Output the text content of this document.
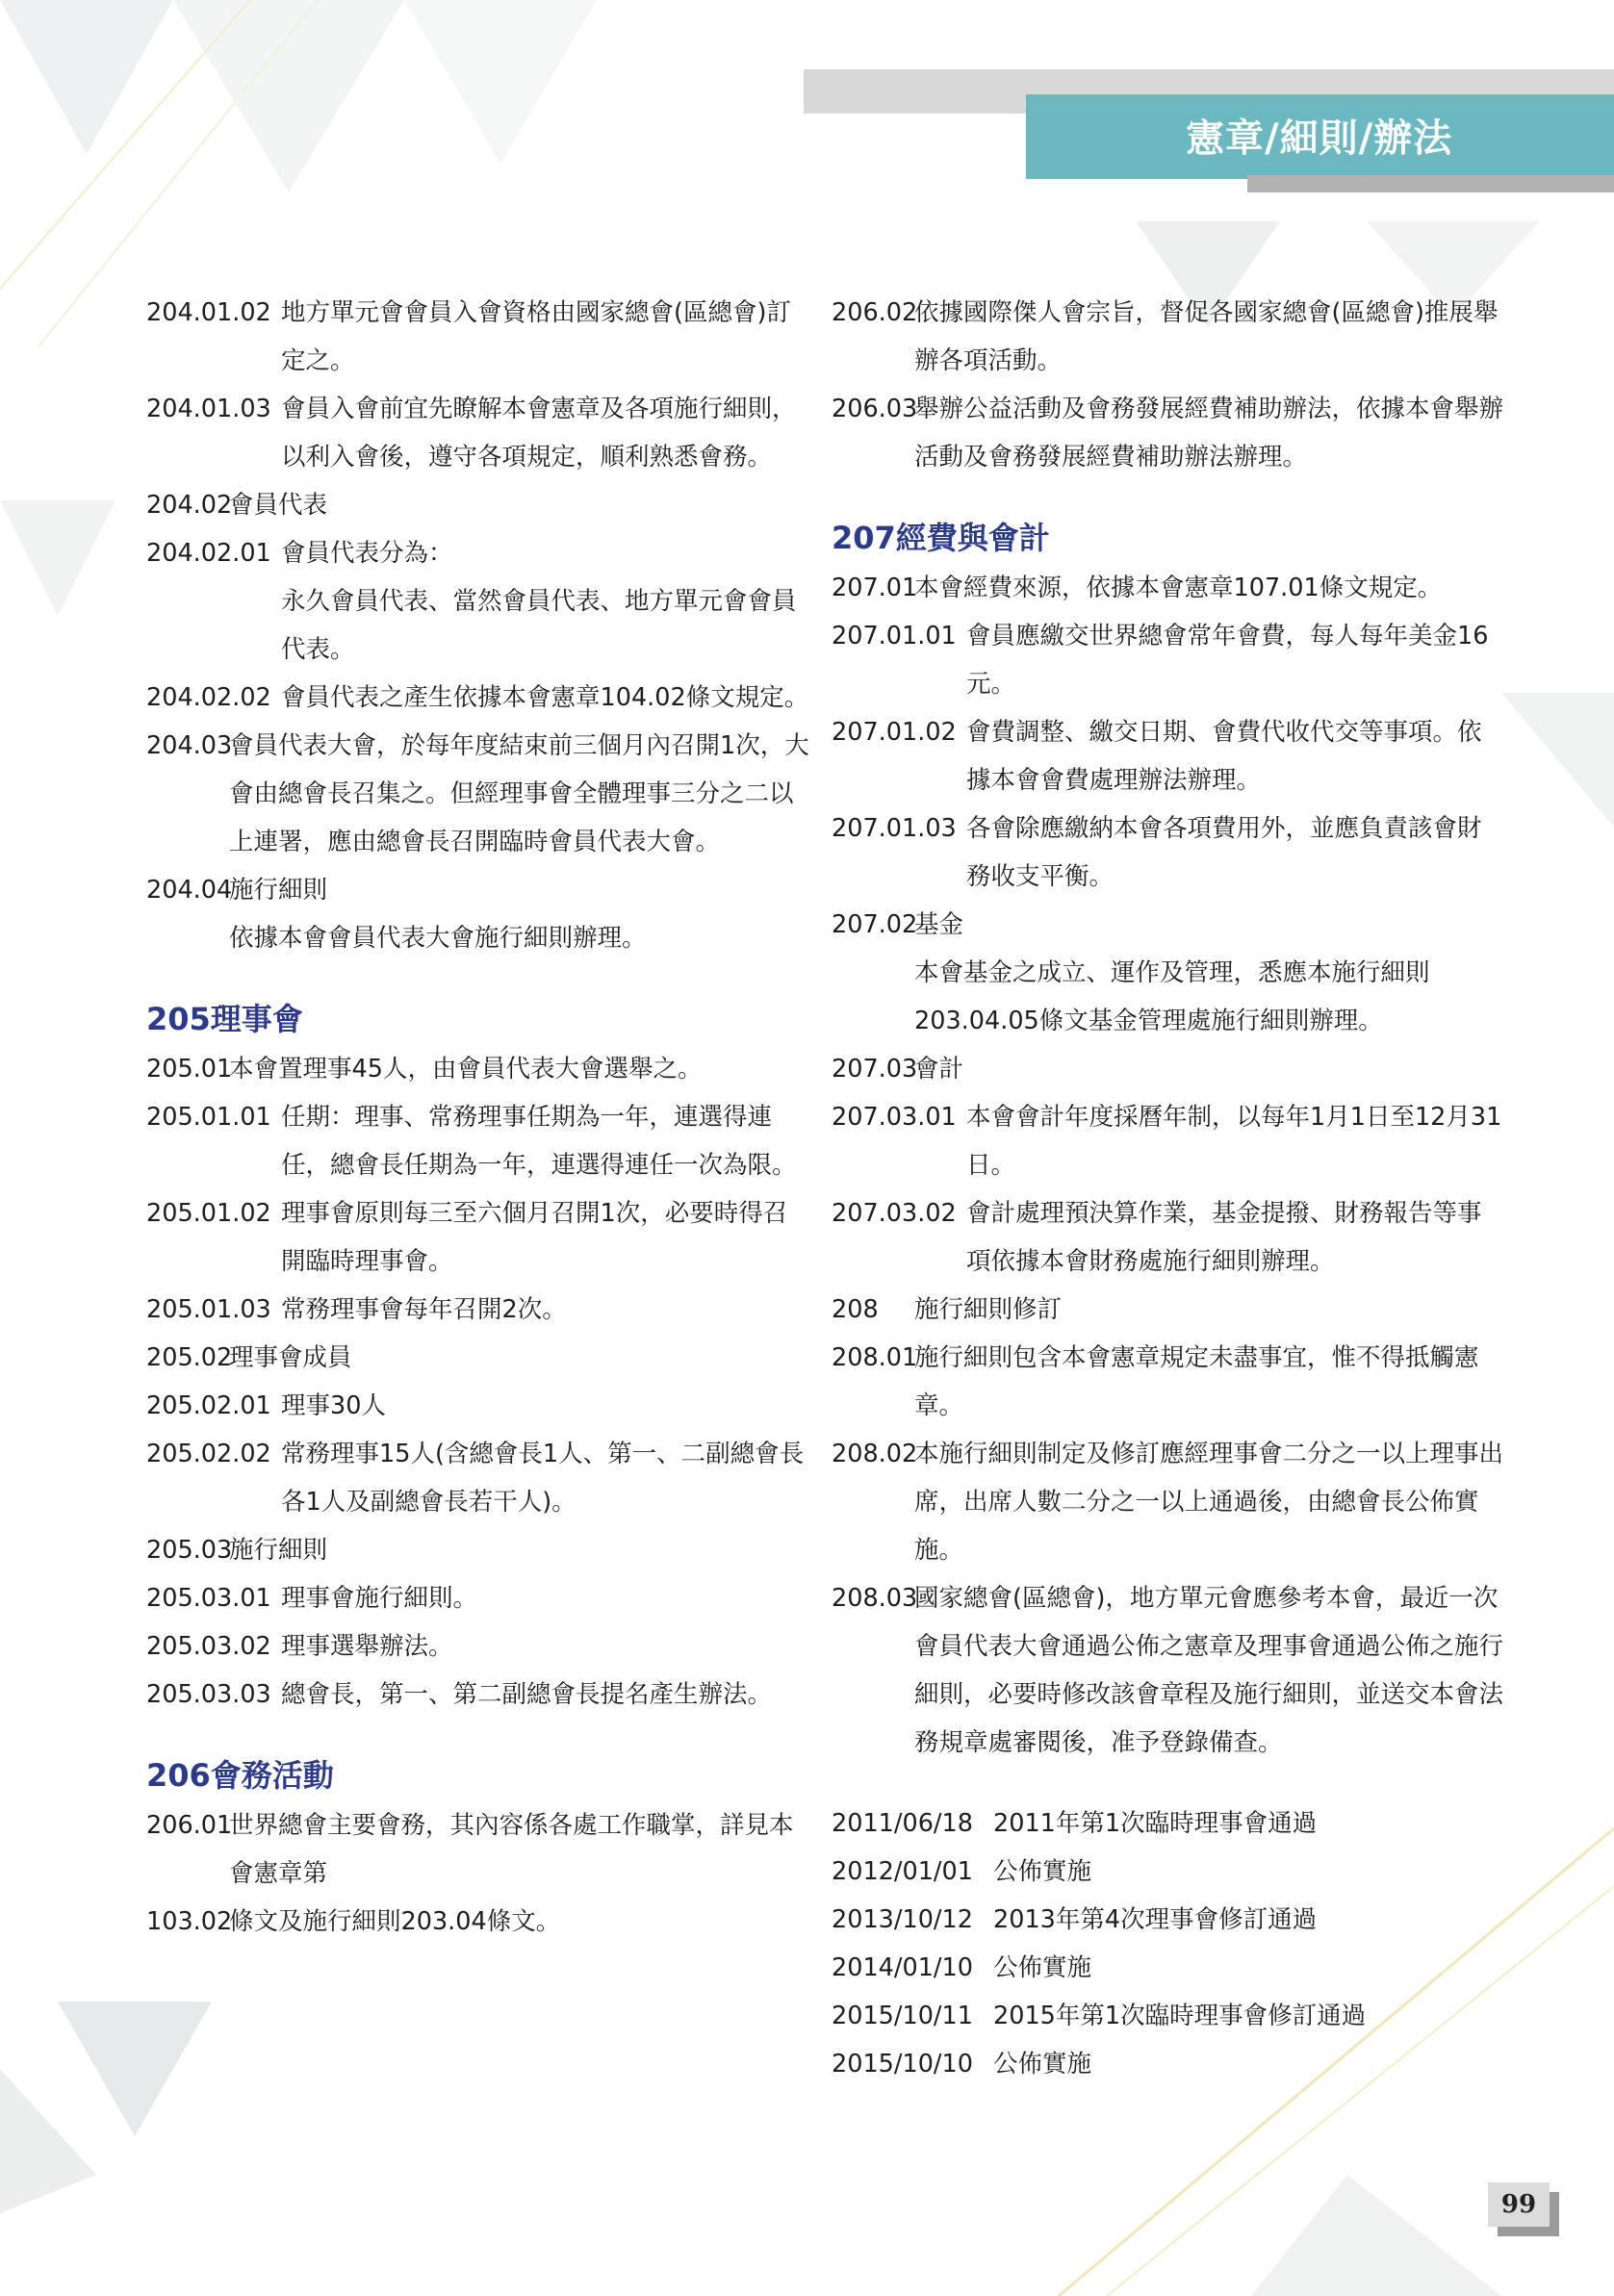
憲章/細則/辦法
204.01.02 地方單元會會員入會資格由國家總會(區總會)訂定之。
204.01.03 會員入會前宜先瞭解本會憲章及各項施行細則，以利入會後，遵守各項規定，順利熟悉會務。
204.02
會員代表
204.02.01 會員代表分為：
永久會員代表、當然會員代表、地方單元會會員代表。
204.02.02 會員代表之產生依據本會憲章104.02條文規定。
204.03
會員代表大會，於每年度結束前三個月內召開1次，大會由總會長召集之。但經理事會全體理事三分之二以上連署，應由總會長召開臨時會員代表大會。
204.04
施行細則
依據本會會員代表大會施行細則辦理。
205理事會
205.01
本會置理事45人，由會員代表大會選舉之。
205.01.01 任期：理事、常務理事任期為一年，連選得連任，總會長任期為一年，連選得連任一次為限。
205.01.02 理事會原則每三至六個月召開1次，必要時得召開臨時理事會。
205.01.03 常務理事會每年召開2次。
205.02
理事會成員
205.02.01 理事30人
205.02.02 常務理事15人(含總會長1人、第一、二副總會長各1人及副總會長若干人)。
205.03
施行細則
205.03.01 理事會施行細則。
205.03.02 理事選舉辦法。
205.03.03 總會長，第一、第二副總會長提名產生辦法。
206會務活動
206.01
世界總會主要會務，其內容係各處工作職掌，詳見本會憲章第
103.02
條文及施行細則203.04條文。
206.02
依據國際傑人會宗旨，督促各國家總會(區總會)推展舉辦各項活動。
206.03
舉辦公益活動及會務發展經費補助辦法，依據本會舉辦活動及會務發展經費補助辦法辦理。
207經費與會計
207.01
本會經費來源，依據本會憲章107.01條文規定。
207.01.01 會員應繳交世界總會常年會費，每人每年美金16元。
207.01.02 會費調整、繳交日期、會費代收代交等事項。依據本會會費處理辦法辦理。
207.01.03 各會除應繳納本會各項費用外，並應負責該會財務收支平衡。
207.02
基金
本會基金之成立、運作及管理，悉應本施行細則203.04.05條文基金管理處施行細則辦理。
207.03
會計
207.03.01 本會會計年度採曆年制，以每年1月1日至12月31日。
207.03.02 會計處理預決算作業，基金提撥、財務報告等事項依據本會財務處施行細則辦理。
208	施行細則修訂
208.01
施行細則包含本會憲章規定未盡事宜，惟不得抵觸憲章。
208.02
本施行細則制定及修訂應經理事會二分之一以上理事出席，出席人數二分之一以上通過後，由總會長公佈實施。
208.03
國家總會(區總會)，地方單元會應參考本會，最近一次會員代表大會通過公佈之憲章及理事會通過公佈之施行細則，必要時修改該會章程及施行細則，並送交本會法務規章處審閱後，准予登錄備查。
2011/06/18 2011年第1次臨時理事會通過
2012/01/01 公佈實施
2013/10/12 2013年第4次理事會修訂通過
2014/01/10 公佈實施
2015/10/11 2015年第1次臨時理事會修訂通過
2015/10/10 公佈實施
99
